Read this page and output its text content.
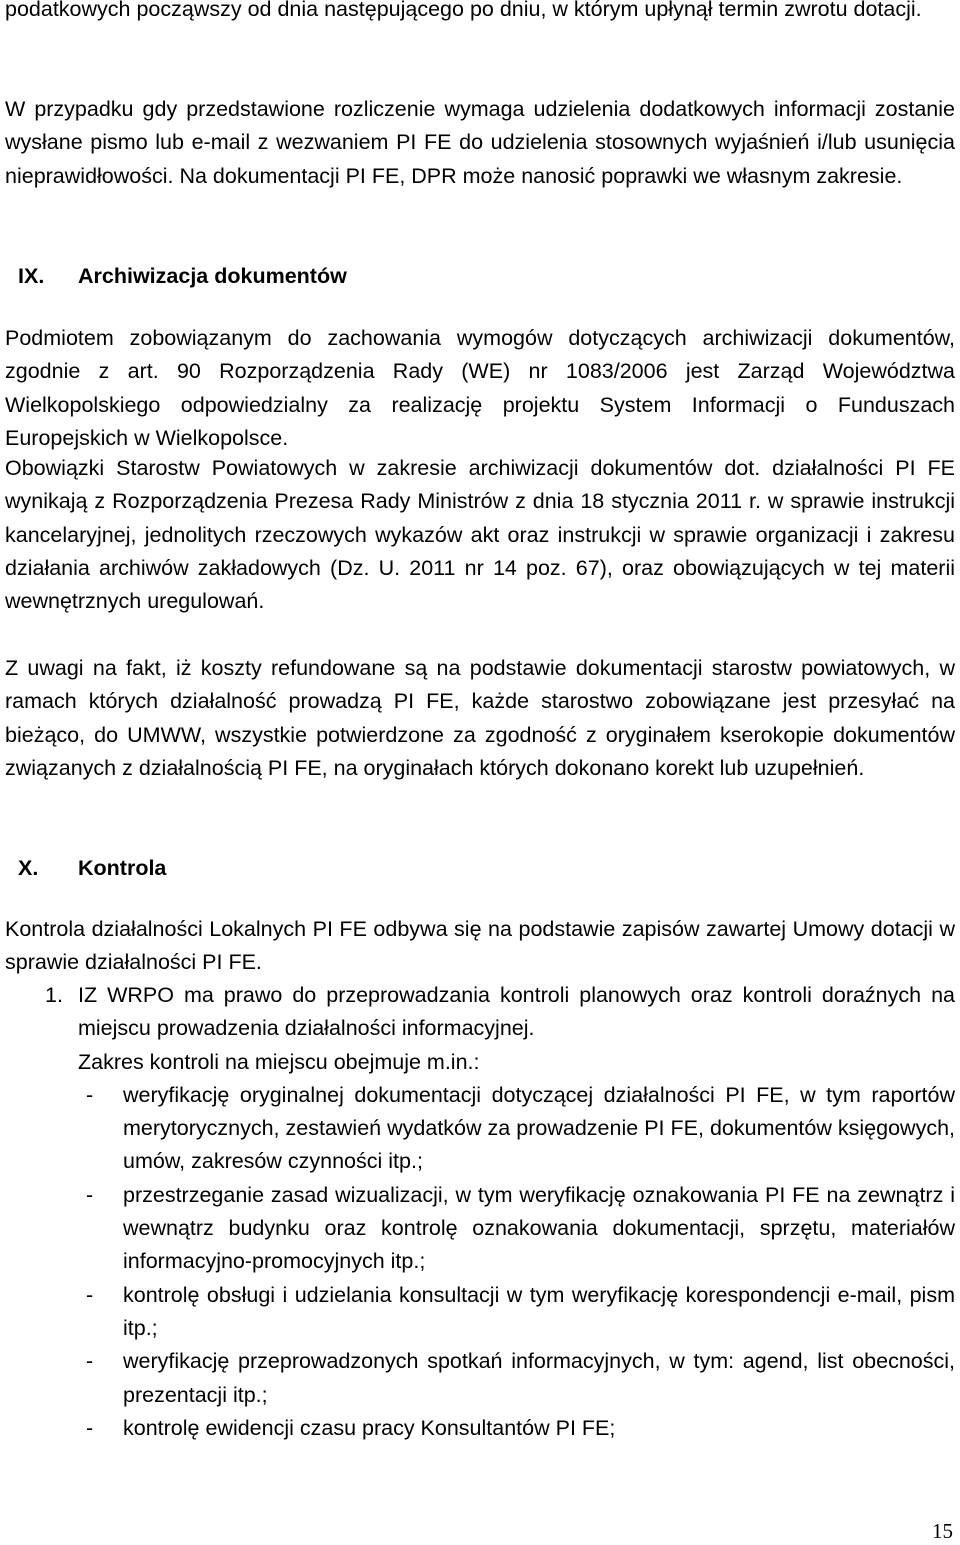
podatkowych począwszy od dnia następującego po dniu, w którym upłynął termin zwrotu dotacji.

W przypadku gdy przedstawione rozliczenie wymaga udzielenia dodatkowych informacji zostanie wysłane pismo lub e-mail z wezwaniem PI FE do udzielenia stosownych wyjaśnień i/lub usunięcia nieprawidłowości. Na dokumentacji PI FE, DPR może nanosić poprawki we własnym zakresie.

IX. Archiwizacja dokumentów

Podmiotem zobowiązanym do zachowania wymogów dotyczących archiwizacji dokumentów, zgodnie z art. 90 Rozporządzenia Rady (WE) nr 1083/2006 jest Zarząd Województwa Wielkopolskiego odpowiedzialny za realizację projektu System Informacji o Funduszach Europejskich w Wielkopolsce.

Obowiązki Starostw Powiatowych w zakresie archiwizacji dokumentów dot. działalności PI FE wynikają z Rozporządzenia Prezesa Rady Ministrów z dnia 18 stycznia 2011 r. w sprawie instrukcji kancelaryjnej, jednolitych rzeczowych wykazów akt oraz instrukcji w sprawie organizacji i zakresu działania archiwów zakładowych (Dz. U. 2011 nr 14 poz. 67), oraz obowiązujących w tej materii wewnętrznych uregulowań.

Z uwagi na fakt, iż koszty refundowane są na podstawie dokumentacji starostw powiatowych, w ramach których działalność prowadzą PI FE, każde starostwo zobowiązane jest przesyłać na bieżąco, do UMWW, wszystkie potwierdzone za zgodność z oryginałem kserokopie dokumentów związanych z działalnością PI FE, na oryginałach których dokonano korekt lub uzupełnień.

X. Kontrola

Kontrola działalności Lokalnych PI FE odbywa się na podstawie zapisów zawartej Umowy dotacji w sprawie działalności PI FE.

1. IZ WRPO ma prawo do przeprowadzania kontroli planowych oraz kontroli doraźnych na miejscu prowadzenia działalności informacyjnej.
Zakres kontroli na miejscu obejmuje m.in.:
- weryfikację oryginalnej dokumentacji dotyczącej działalności PI FE, w tym raportów merytorycznych, zestawień wydatków za prowadzenie PI FE, dokumentów księgowych, umów, zakresów czynności itp.;
- przestrzeganie zasad wizualizacji, w tym weryfikację oznakowania PI FE na zewnątrz i wewnątrz budynku oraz kontrolę oznakowania dokumentacji, sprzętu, materiałów informacyjno-promocyjnych itp.;
- kontrolę obsługi i udzielania konsultacji w tym weryfikację korespondencji e-mail, pism itp.;
- weryfikację przeprowadzonych spotkań informacyjnych, w tym: agend, list obecności, prezentacji itp.;
- kontrolę ewidencji czasu pracy Konsultantów PI FE;
15
